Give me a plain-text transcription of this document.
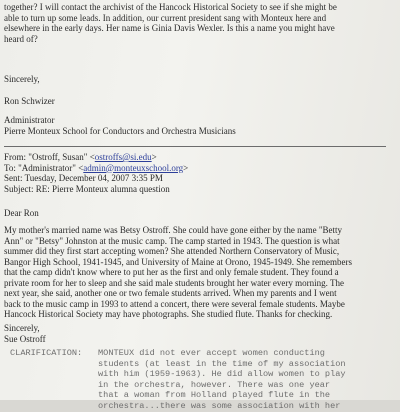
together? I will contact the archivist of the Hancock Historical Society to see if she might be
able to turn up some leads. In addition, our current president sang with Monteux here and
elsewhere in the early days. Her name is Ginia Davis Wexler. Is this a name you might have
heard of?
Sincerely,
Ron Schwizer
Administrator
Pierre Monteux School for Conductors and Orchestra Musicians
From: "Ostroff, Susan" <ostroffs@si.edu>
To: "Administrator" <admin@monteuxschool.org>
Sent: Tuesday, December 04, 2007 3:35 PM
Subject: RE: Pierre Monteux alumna question
Dear Ron
My mother's married name was Betsy Ostroff. She could have gone either by the name "Betty
Ann" or "Betsy" Johnston at the music camp. The camp started in 1943. The question is what
summer did they first start accepting women? She attended Northern Conservatory of Music,
Bangor High School, 1941-1945, and University of Maine at Orono, 1945-1949. She remembers
that the camp didn't know where to put her as the first and only female student. They found a
private room for her to sleep and she said male students brought her water every morning. The
next year, she said, another one or two female students arrived. When my parents and I went
back to the music camp in 1993 to attend a concert, there were several female students. Maybe
Hancock Historical Society may have photographs. She studied flute. Thanks for checking.
Sincerely,
Sue Ostroff
CLARIFICATION: MONTEUX did not ever accept women conducting
students (at least in the time of my association
with him (1959-1963). He did allow women to play
in the orchestra, however. There was one year
that a woman from Holland played flute in the
orchestra...there was some association with her
